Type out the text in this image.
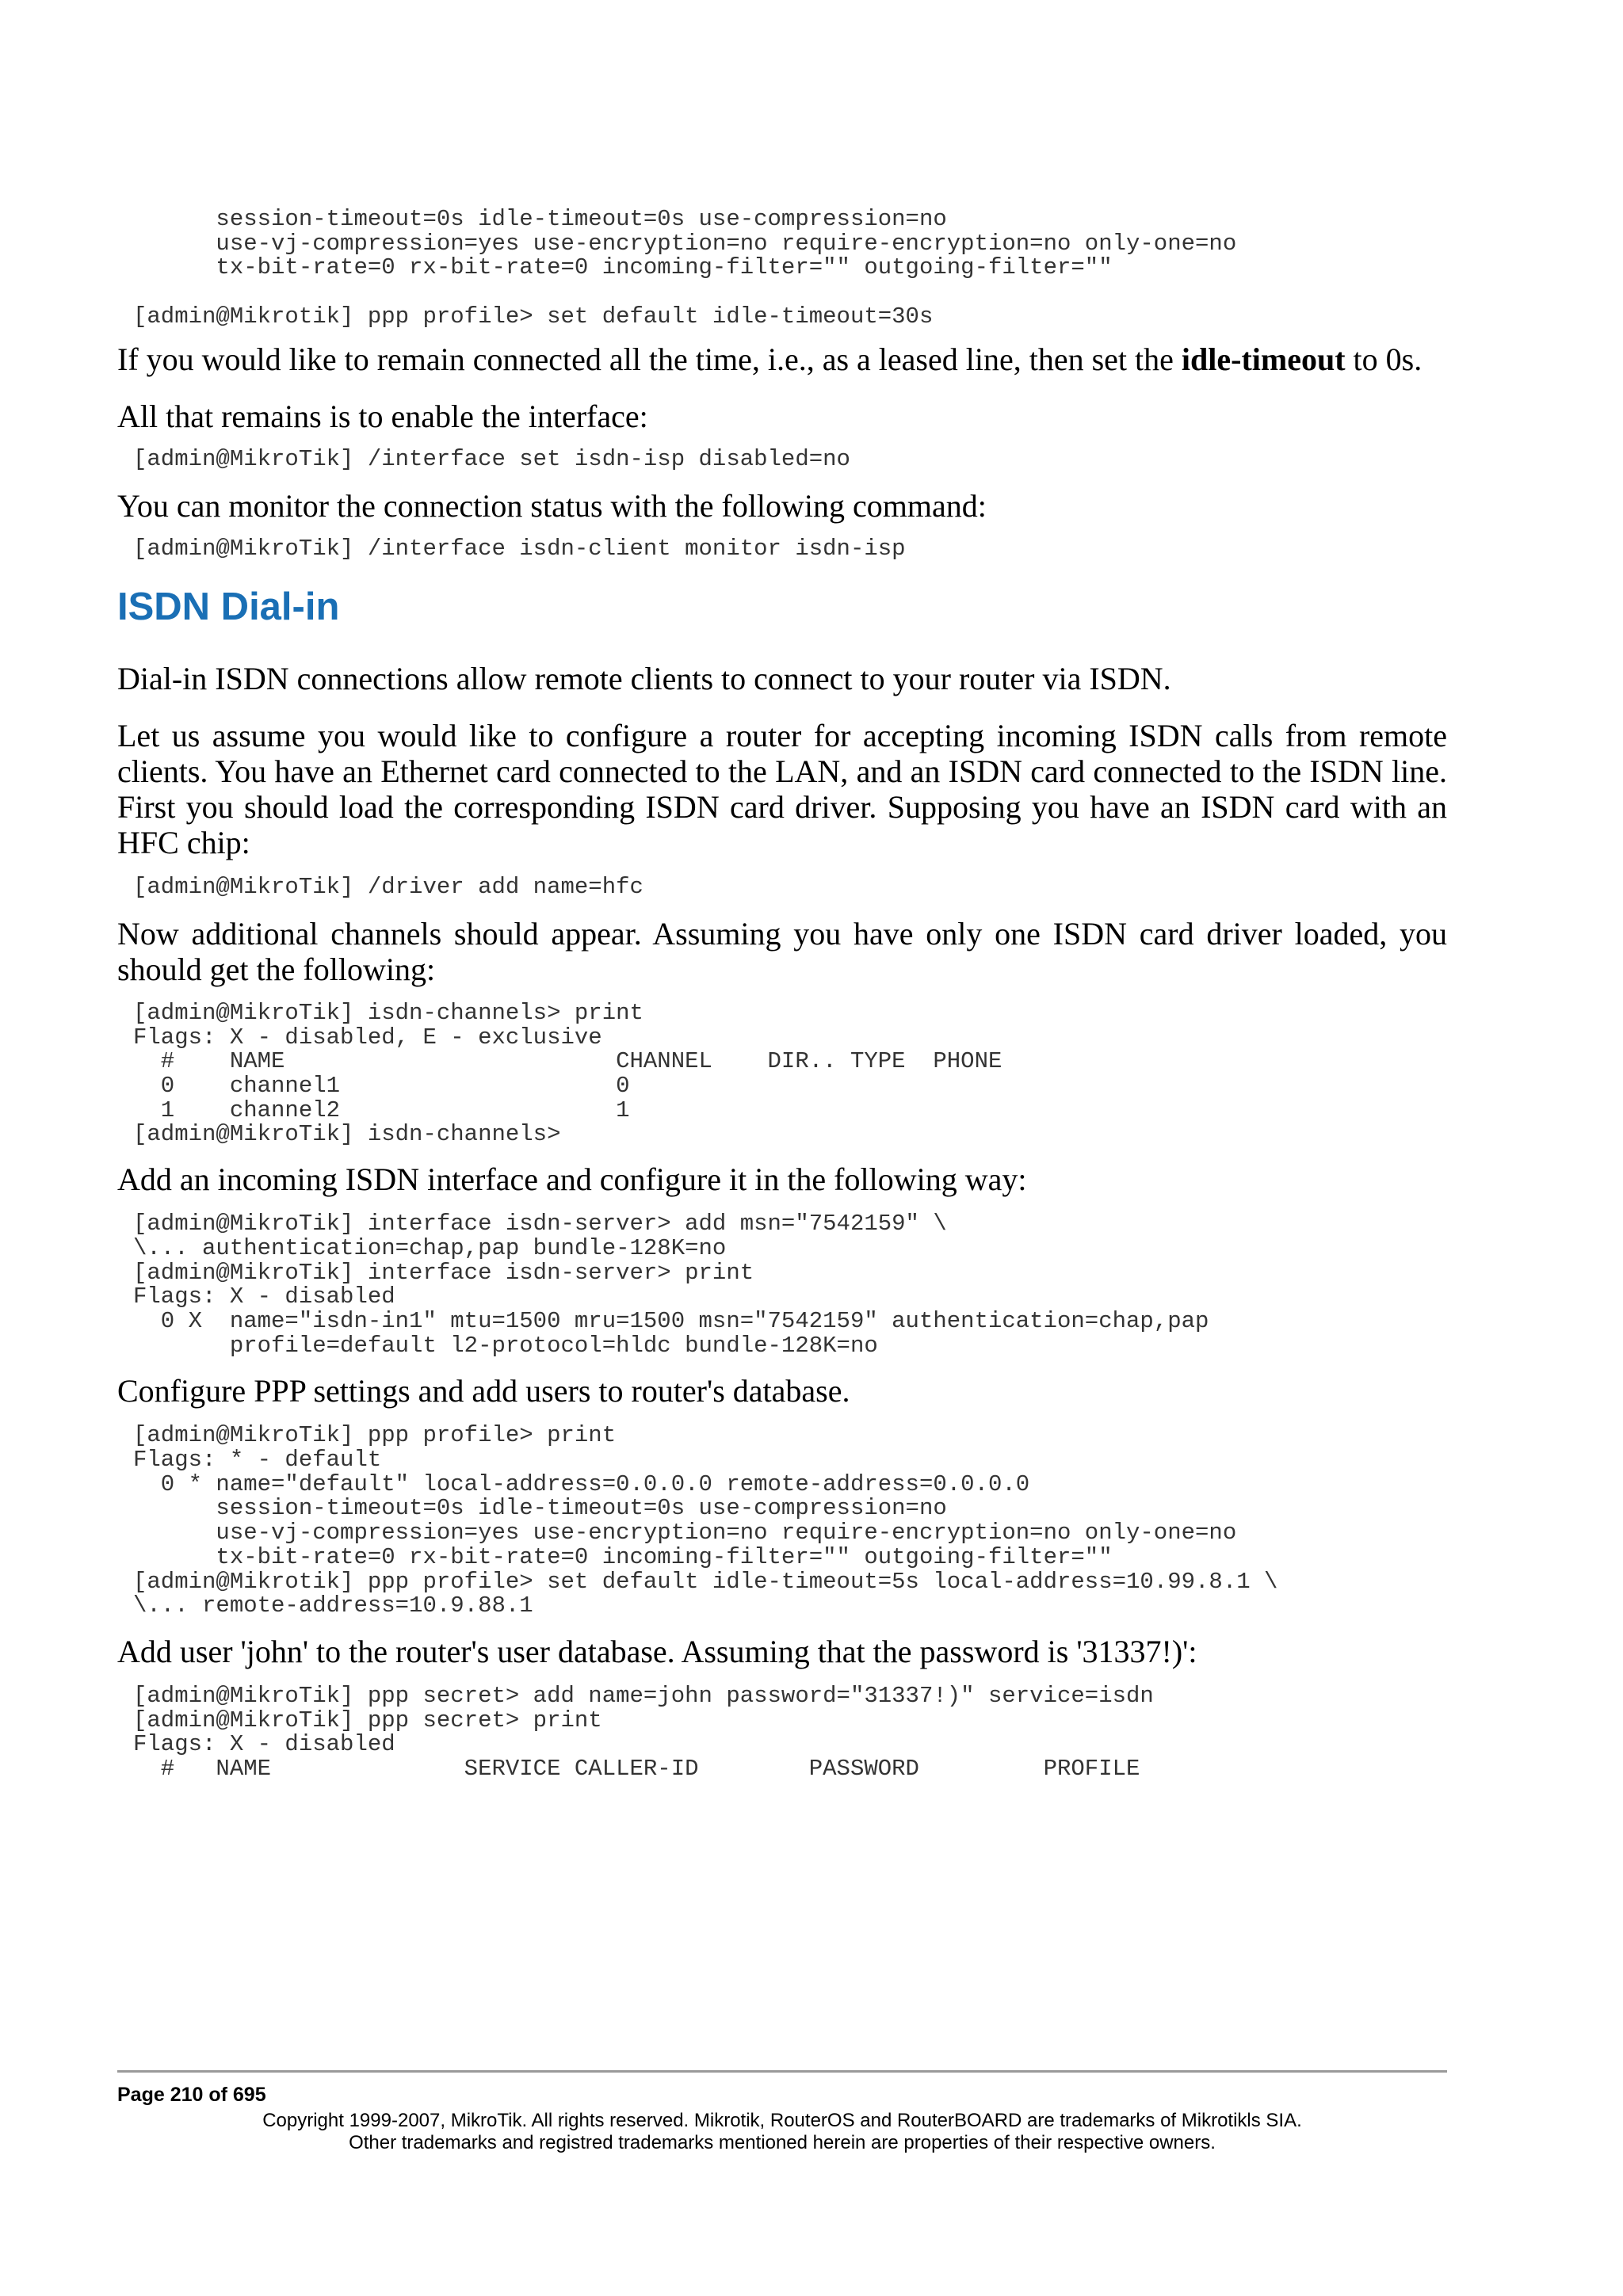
session-timeout=0s idle-timeout=0s use-compression=no
use-vj-compression=yes use-encryption=no require-encryption=no only-one=no
tx-bit-rate=0 rx-bit-rate=0 incoming-filter="" outgoing-filter=""
[admin@Mikrotik] ppp profile> set default idle-timeout=30s

If you would like to remain connected all the time, i.e., as a leased line, then set the idle-timeout to 0s.

All that remains is to enable the interface:

[admin@MikroTik] /interface set isdn-isp disabled=no

You can monitor the connection status with the following command:

[admin@MikroTik] /interface isdn-client monitor isdn-isp
ISDN Dial-in

Dial-in ISDN connections allow remote clients to connect to your router via ISDN.

Let us assume you would like to configure a router for accepting incoming ISDN calls from remote clients. You have an Ethernet card connected to the LAN, and an ISDN card connected to the ISDN line. First you should load the corresponding ISDN card driver. Supposing you have an ISDN card with an HFC chip:

[admin@MikroTik] /driver add name=hfc

Now additional channels should appear. Assuming you have only one ISDN card driver loaded, you should get the following:

[admin@MikroTik] isdn-channels> print
Flags: X - disabled, E - exclusive
#    NAME                        CHANNEL    DIR.. TYPE  PHONE
0    channel1                    0
1    channel2                    1
[admin@MikroTik] isdn-channels>

Add an incoming ISDN interface and configure it in the following way:

[admin@MikroTik] interface isdn-server> add msn="7542159" \
\... authentication=chap,pap bundle-128K=no
[admin@MikroTik] interface isdn-server> print
Flags: X - disabled
0 X  name="isdn-in1" mtu=1500 mru=1500 msn="7542159" authentication=chap,pap
profile=default l2-protocol=hldc bundle-128K=no

Configure PPP settings and add users to router's database.

[admin@MikroTik] ppp profile> print
Flags: * - default
0 * name="default" local-address=0.0.0.0 remote-address=0.0.0.0
session-timeout=0s idle-timeout=0s use-compression=no
use-vj-compression=yes use-encryption=no require-encryption=no only-one=no
tx-bit-rate=0 rx-bit-rate=0 incoming-filter="" outgoing-filter=""
[admin@Mikrotik] ppp profile> set default idle-timeout=5s local-address=10.99.8.1 \
\... remote-address=10.9.88.1

Add user 'john' to the router's user database. Assuming that the password is '31337!)':

[admin@MikroTik] ppp secret> add name=john password="31337!)" service=isdn
[admin@MikroTik] ppp secret> print
Flags: X - disabled
#   NAME              SERVICE CALLER-ID        PASSWORD         PROFILE
Page 210 of 695
Copyright 1999-2007, MikroTik. All rights reserved. Mikrotik, RouterOS and RouterBOARD are trademarks of Mikrotikls SIA.
Other trademarks and registred trademarks mentioned herein are properties of their respective owners.
